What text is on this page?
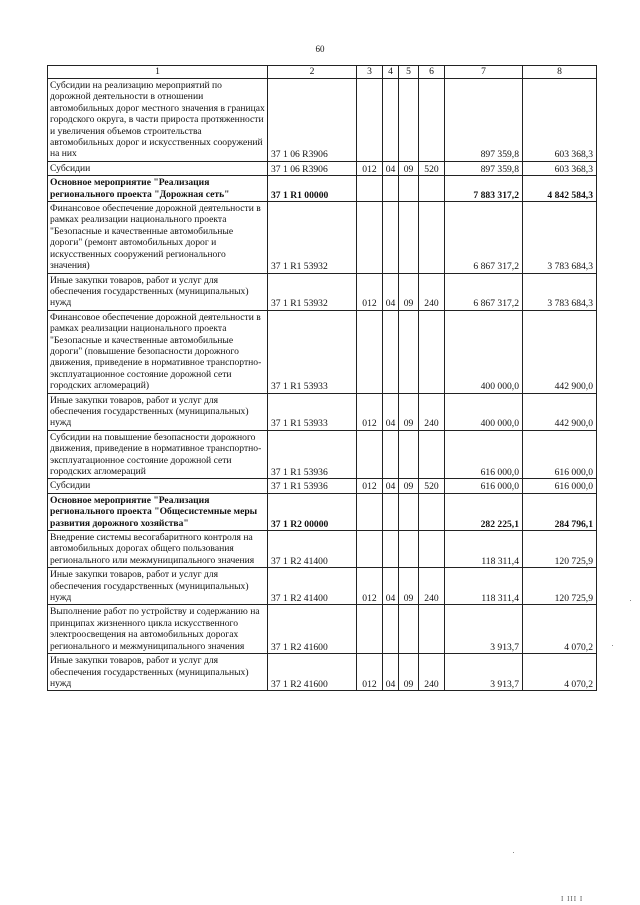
60
1	2	3	4	5	6	7	8
Субсидии на реализацию мероприятий по дорожной деятельности в отношении автомобильных дорог местного значения в границах городского округа, в части прироста протяженности и увеличения объемов строительства автомобильных дорог и искусственных сооружений на них	37 1 06 R3906					897 359,8	603 368,3
Субсидии	37 1 06 R3906	012	04	09	520	897 359,8	603 368,3
Основное мероприятие "Реализация регионального проекта "Дорожная сеть"	37 1 R1 00000					7 883 317,2	4 842 584,3
Финансовое обеспечение дорожной деятельности в рамках реализации национального проекта "Безопасные и качественные автомобильные дороги" (ремонт автомобильных дорог и искусственных сооружений регионального значения)	37 1 R1 53932					6 867 317,2	3 783 684,3
Иные закупки товаров, работ и услуг для обеспечения государственных (муниципальных) нужд	37 1 R1 53932	012	04	09	240	6 867 317,2	3 783 684,3
Финансовое обеспечение дорожной деятельности в рамках реализации национального проекта "Безопасные и качественные автомобильные дороги" (повышение безопасности дорожного движения, приведение в нормативное транспортно-эксплуатационное состояние дорожной сети городских агломераций)	37 1 R1 53933					400 000,0	442 900,0
Иные закупки товаров, работ и услуг для обеспечения государственных (муниципальных) нужд	37 1 R1 53933	012	04	09	240	400 000,0	442 900,0
Субсидии на повышение безопасности дорожного движения, приведение в нормативное транспортно-эксплуатационное состояние дорожной сети городских агломераций	37 1 R1 53936					616 000,0	616 000,0
Субсидии	37 1 R1 53936	012	04	09	520	616 000,0	616 000,0
Основное мероприятие "Реализация регионального проекта "Общесистемные меры развития дорожного хозяйства"	37 1 R2 00000					282 225,1	284 796,1
Внедрение системы весогабаритного контроля на автомобильных дорогах общего пользования регионального или межмуниципального значения	37 1 R2 41400					118 311,4	120 725,9
Иные закупки товаров, работ и услуг для обеспечения государственных (муниципальных) нужд	37 1 R2 41400	012	04	09	240	118 311,4	120 725,9
Выполнение работ по устройству и содержанию на принципах жизненного цикла искусственного электроосвещения на автомобильных дорогах регионального и межмуниципального значения	37 1 R2 41600					3 913,7	4 070,2
Иные закупки товаров, работ и услуг для обеспечения государственных (муниципальных) нужд	37 1 R2 41600	012	04	09	240	3 913,7	4 070,2
I III I
